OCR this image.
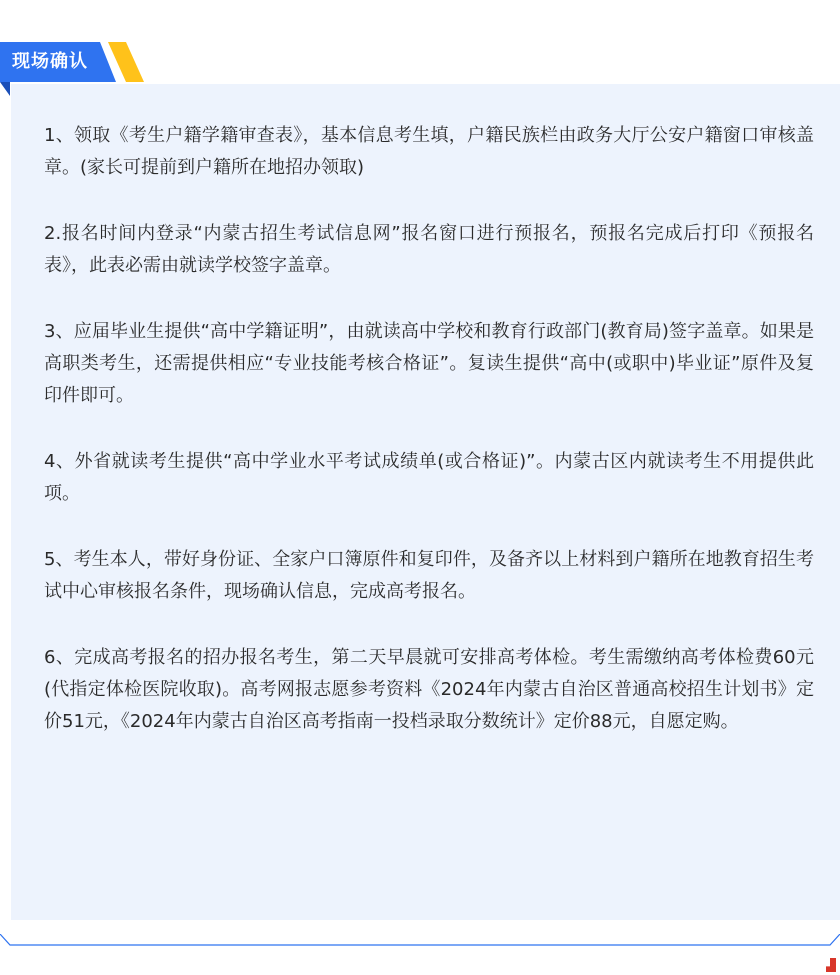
现场确认

1、领取《考生户籍学籍审查表》，基本信息考生填，户籍民族栏由政务大厅公安户籍窗口审核盖章。(家长可提前到户籍所在地招办领取)

2.报名时间内登录“内蒙古招生考试信息网”报名窗口进行预报名，预报名完成后打印《预报名表》，此表必需由就读学校签字盖章。

3、应届毕业生提供“高中学籍证明”，由就读高中学校和教育行政部门(教育局)签字盖章。如果是高职类考生，还需提供相应“专业技能考核合格证”。复读生提供“高中(或职中)毕业证”原件及复印件即可。

4、外省就读考生提供“高中学业水平考试成绩单(或合格证)”。内蒙古区内就读考生不用提供此项。

5、考生本人，带好身份证、全家户口簿原件和复印件，及备齐以上材料到户籍所在地教育招生考试中心审核报名条件，现场确认信息，完成高考报名。

6、完成高考报名的招办报名考生，第二天早晨就可安排高考体检。考生需缴纳高考体检费60元(代指定体检医院收取)。高考网报志愿参考资料《2024年内蒙古自治区普通高校招生计划书》定价51元，《2024年内蒙古自治区高考指南一投档录取分数统计》定价88元，自愿定购。
